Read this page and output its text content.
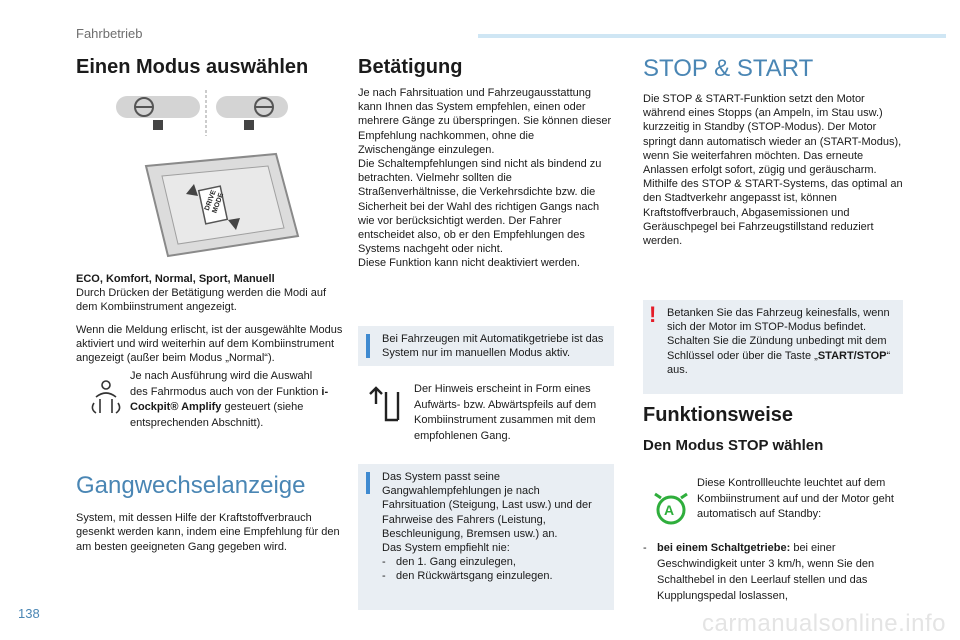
Fahrbetrieb
Einen Modus auswählen
DRIVE MODE

ECO, Komfort, Normal, Sport, Manuell
Durch Drücken der Betätigung werden die Modi auf dem Kombiinstrument angezeigt.

Wenn die Meldung erlischt, ist der ausgewählte Modus aktiviert und wird weiterhin auf dem Kombiinstrument angezeigt (außer beim Modus „Normal“).

Je nach Ausführung wird die Auswahl des Fahrmodus auch von der Funktion i-Cockpit® Amplify gesteuert (siehe entsprechenden Abschnitt).

Gangwechselanzeige

System, mit dessen Hilfe der Kraftstoffverbrauch gesenkt werden kann, indem eine Empfehlung für den am besten geeigneten Gang gegeben wird.

Betätigung

Je nach Fahrsituation und Fahrzeugausstattung kann Ihnen das System empfehlen, einen oder mehrere Gänge zu überspringen. Sie können dieser Empfehlung nachkommen, ohne die Zwischengänge einzulegen.

Die Schaltempfehlungen sind nicht als bindend zu betrachten. Vielmehr sollten die Straßenverhältnisse, die Verkehrsdichte bzw. die Sicherheit bei der Wahl des richtigen Gangs nach wie vor berücksichtigt werden. Der Fahrer entscheidet also, ob er den Empfehlungen des Systems nachgeht oder nicht.

Diese Funktion kann nicht deaktiviert werden.

Bei Fahrzeugen mit Automatikgetriebe ist das System nur im manuellen Modus aktiv.

Der Hinweis erscheint in Form eines Aufwärts- bzw. Abwärtspfeils auf dem Kombiinstrument zusammen mit dem empfohlenen Gang.

Das System passt seine Gangwahlempfehlungen je nach Fahrsituation (Steigung, Last usw.) und der Fahrweise des Fahrers (Leistung, Beschleunigung, Bremsen usw.) an.

Das System empfiehlt nie:

- den 1. Gang einzulegen,
- den Rückwärtsgang einzulegen.
STOP & START

Die STOP & START-Funktion setzt den Motor während eines Stopps (an Ampeln, im Stau usw.) kurzzeitig in Standby (STOP-Modus). Der Motor springt dann automatisch wieder an (START-Modus), wenn Sie weiterfahren möchten. Das erneute Anlassen erfolgt sofort, zügig und geräuscharm.

Mithilfe des STOP & START-Systems, das optimal an den Stadtverkehr angepasst ist, können Kraftstoffverbrauch, Abgasemissionen und Geräuschpegel bei Fahrzeugstillstand reduziert werden.

! Betanken Sie das Fahrzeug keinesfalls, wenn sich der Motor im STOP-Modus befindet. Schalten Sie die Zündung unbedingt mit dem Schlüssel oder über die Taste „START/STOP“ aus.

Funktionsweise
Den Modus STOP wählen
A

Diese Kontrollleuchte leuchtet auf dem Kombiinstrument auf und der Motor geht automatisch auf Standby:

- bei einem Schaltgetriebe: bei einer Geschwindigkeit unter 3 km/h, wenn Sie den Schalthebel in den Leerlauf stellen und das Kupplungspedal loslassen,
138	carmanualsonline.info
